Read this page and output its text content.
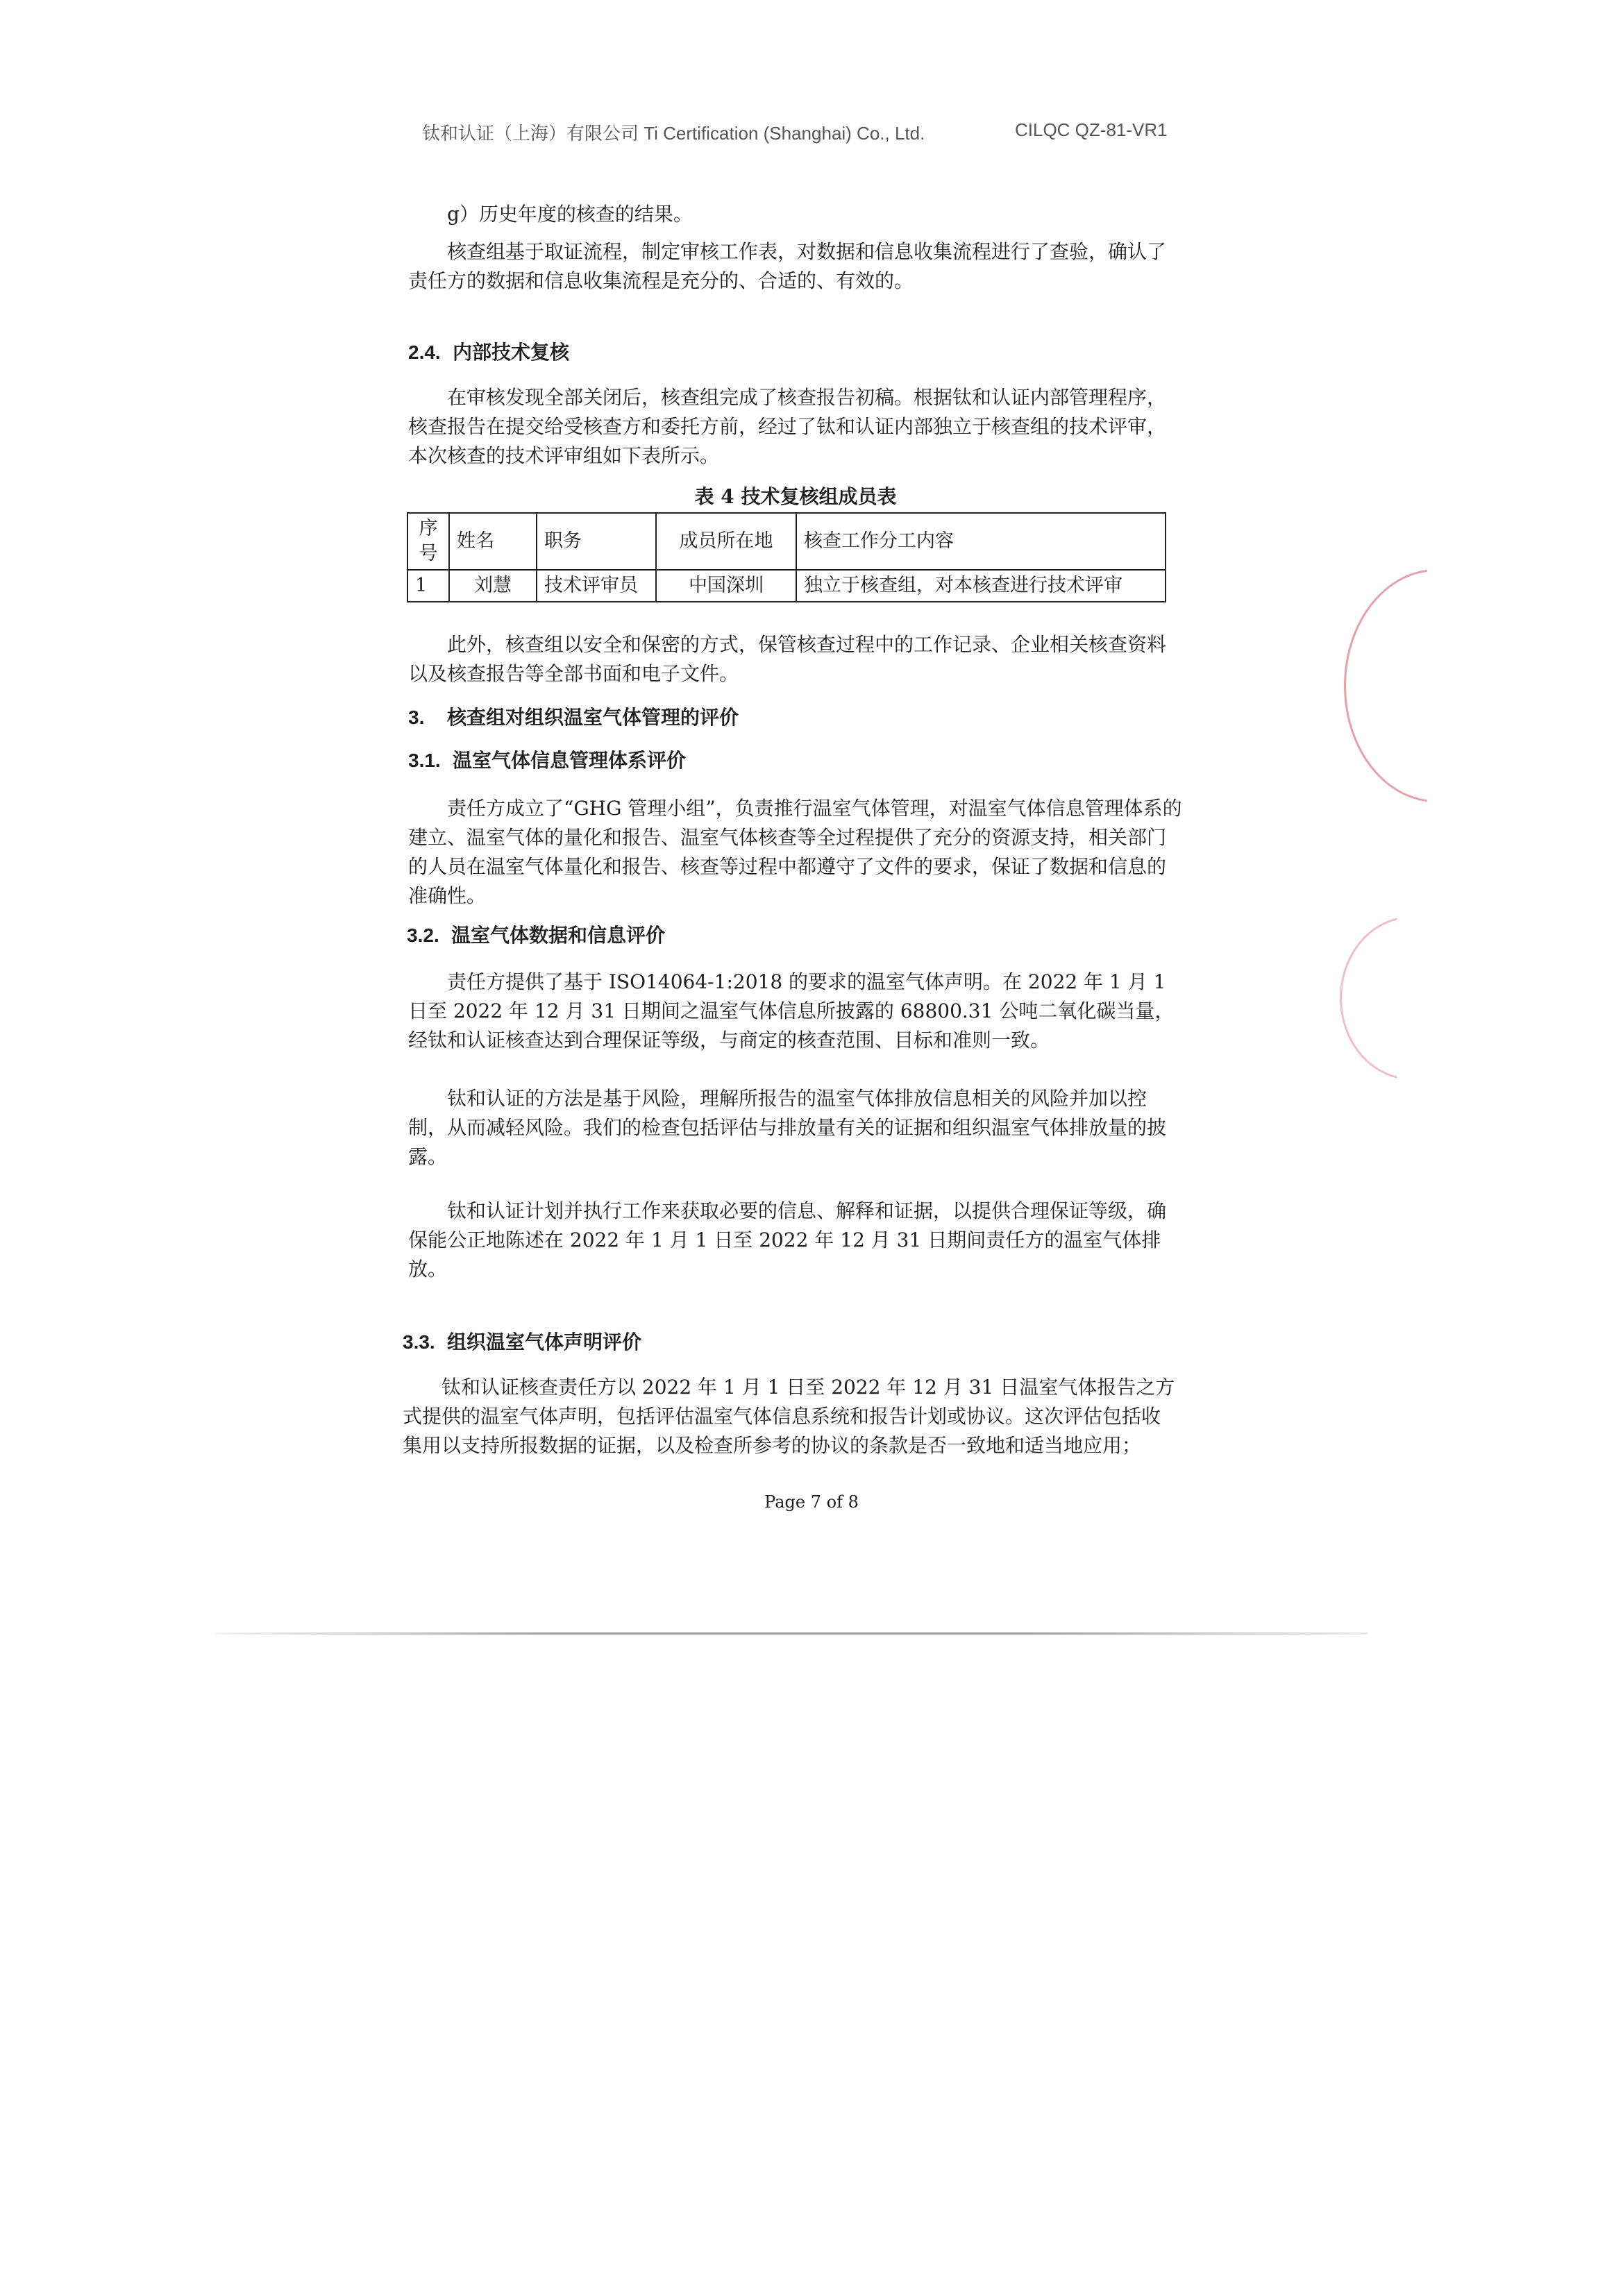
钛和认证（上海）有限公司 Ti Certification (Shanghai) Co., Ltd.	CILQC QZ-81-VR1

g）历史年度的核查的结果。

核查组基于取证流程，制定审核工作表，对数据和信息收集流程进行了查验，确认了责任方的数据和信息收集流程是充分的、合适的、有效的。

2.4. 内部技术复核

在审核发现全部关闭后，核查组完成了核查报告初稿。根据钛和认证内部管理程序，核查报告在提交给受核查方和委托方前，经过了钛和认证内部独立于核查组的技术评审，本次核查的技术评审组如下表所示。

表 4 技术复核组成员表
序号	姓名	职务	成员所在地	核查工作分工内容
1	刘慧	技术评审员	中国深圳	独立于核查组，对本核查进行技术评审

此外，核查组以安全和保密的方式，保管核查过程中的工作记录、企业相关核查资料以及核查报告等全部书面和电子文件。

3. 核查组对组织温室气体管理的评价
3.1. 温室气体信息管理体系评价

责任方成立了“GHG 管理小组”，负责推行温室气体管理，对温室气体信息管理体系的建立、温室气体的量化和报告、温室气体核查等全过程提供了充分的资源支持，相关部门的人员在温室气体量化和报告、核查等过程中都遵守了文件的要求，保证了数据和信息的准确性。

3.2. 温室气体数据和信息评价

责任方提供了基于 ISO14064-1:2018 的要求的温室气体声明。在 2022 年 1 月 1 日至 2022 年 12 月 31 日期间之温室气体信息所披露的 68800.31 公吨二氧化碳当量，经钛和认证核查达到合理保证等级，与商定的核查范围、目标和准则一致。

钛和认证的方法是基于风险，理解所报告的温室气体排放信息相关的风险并加以控制，从而减轻风险。我们的检查包括评估与排放量有关的证据和组织温室气体排放量的披露。

钛和认证计划并执行工作来获取必要的信息、解释和证据，以提供合理保证等级，确保能公正地陈述在 2022 年 1 月 1 日至 2022 年 12 月 31 日期间责任方的温室气体排放。

3.3. 组织温室气体声明评价

钛和认证核查责任方以 2022 年 1 月 1 日至 2022 年 12 月 31 日温室气体报告之方式提供的温室气体声明，包括评估温室气体信息系统和报告计划或协议。这次评估包括收集用以支持所报数据的证据，以及检查所参考的协议的条款是否一致地和适当地应用；

Page 7 of 8
